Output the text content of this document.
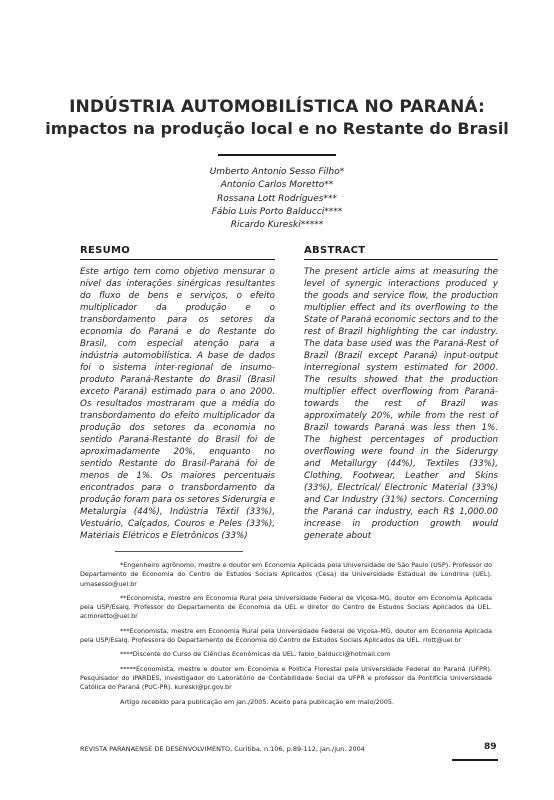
INDÚSTRIA AUTOMOBILÍSTICA NO PARANÁ:
impactos na produção local e no Restante do Brasil
Umberto Antonio Sesso Filho*
Antonio Carlos Moretto**
Rossana Lott Rodrigues***
Fábio Luis Porto Balducci****
Ricardo Kureski*****
RESUMO
Este artigo tem como objetivo mensurar o nível das interações sinérgicas resultantes do fluxo de bens e serviços, o efeito multiplicador da produção e o transbordamento para os setores da economia do Paraná e do Restante do Brasil, com especial atenção para a indústria automobilística. A base de dados foi o sistema inter-regional de insumo-produto Paraná-Restante do Brasil (Brasil exceto Paraná) estimado para o ano 2000. Os resultados mostraram que a média do transbordamento do efeito multiplicador da produção dos setores da economia no sentido Paraná-Restante do Brasil foi de aproximadamente 20%, enquanto no sentido Restante do Brasil-Paraná foi de menos de 1%. Os maiores percentuais encontrados para o transbordamento da produção foram para os setores Siderurgia e Metalurgia (44%), Indústria Têxtil (33%), Vestuário, Calçados, Couros e Peles (33%), Materiais Elétricos e Eletrônicos (33%)
ABSTRACT
The present article aims at measuring the level of synergic interactions produced y the goods and service flow, the production multiplier effect and its overflowing to the State of Paraná economic sectors and to the rest of Brazil highlighting the car industry. The data base used was the Paraná-Rest of Brazil (Brazil except Paraná) input-output interregional system estimated for 2000. The results showed that the production multiplier effect overflowing from Paraná- towards the rest of Brazil was approximately 20%, while from the rest of Brazil towards Paraná was less then 1%. The highest percentages of production overflowing were found in the Siderurgy and Metallurgy (44%), Textiles (33%), Clothing, Footwear, Leather and Skins (33%), Electrical/ Electronic Material (33%) and Car Industry (31%) sectors. Concerning the Paraná car industry, each R$ 1,000.00 increase in production growth would generate about

*Engenheiro agrônomo, mestre e doutor em Economia Aplicada pela Universidade de São Paulo (USP). Professor do Departamento de Economia do Centro de Estudos Sociais Aplicados (Cesa) da Universidade Estadual de Londrina (UEL). umasesso@uel.br

**Economista, mestre em Economia Rural pela Universidade Federal de Viçosa-MG, doutor em Economia Aplicada pela USP/Esalq. Professor do Departamento de Economia da UEL e diretor do Centro de Estudos Sociais Aplicados da UEL. acmoretto@uel.br

***Economista, mestre em Economia Rural pela Universidade Federal de Viçosa-MG, doutor em Economia Aplicada pela USP/Esalq. Professora do Departamento de Economia do Centro de Estudos Sociais Aplicados da UEL. rlott@uel.br

****Discente do Curso de Ciências Econômicas da UEL. fabio_balducci@hotmail.com

*****Economista, mestre e doutor em Economia e Política Florestal pela Universidade Federal do Paraná (UFPR). Pesquisador do IPARDES, investigador do Laboratório de Contabilidade Social da UFPR e professor da Pontifícia Universidade Católica do Paraná (PUC-PR). kureski@pr.gov.br

Artigo recebido para publicação em jan./2005. Aceito para publicação em maio/2005.

REVISTA PARANAENSE DE DESENVOLVIMENTO, Curitiba, n.106, p.89-112, jan./jun. 2004	89
